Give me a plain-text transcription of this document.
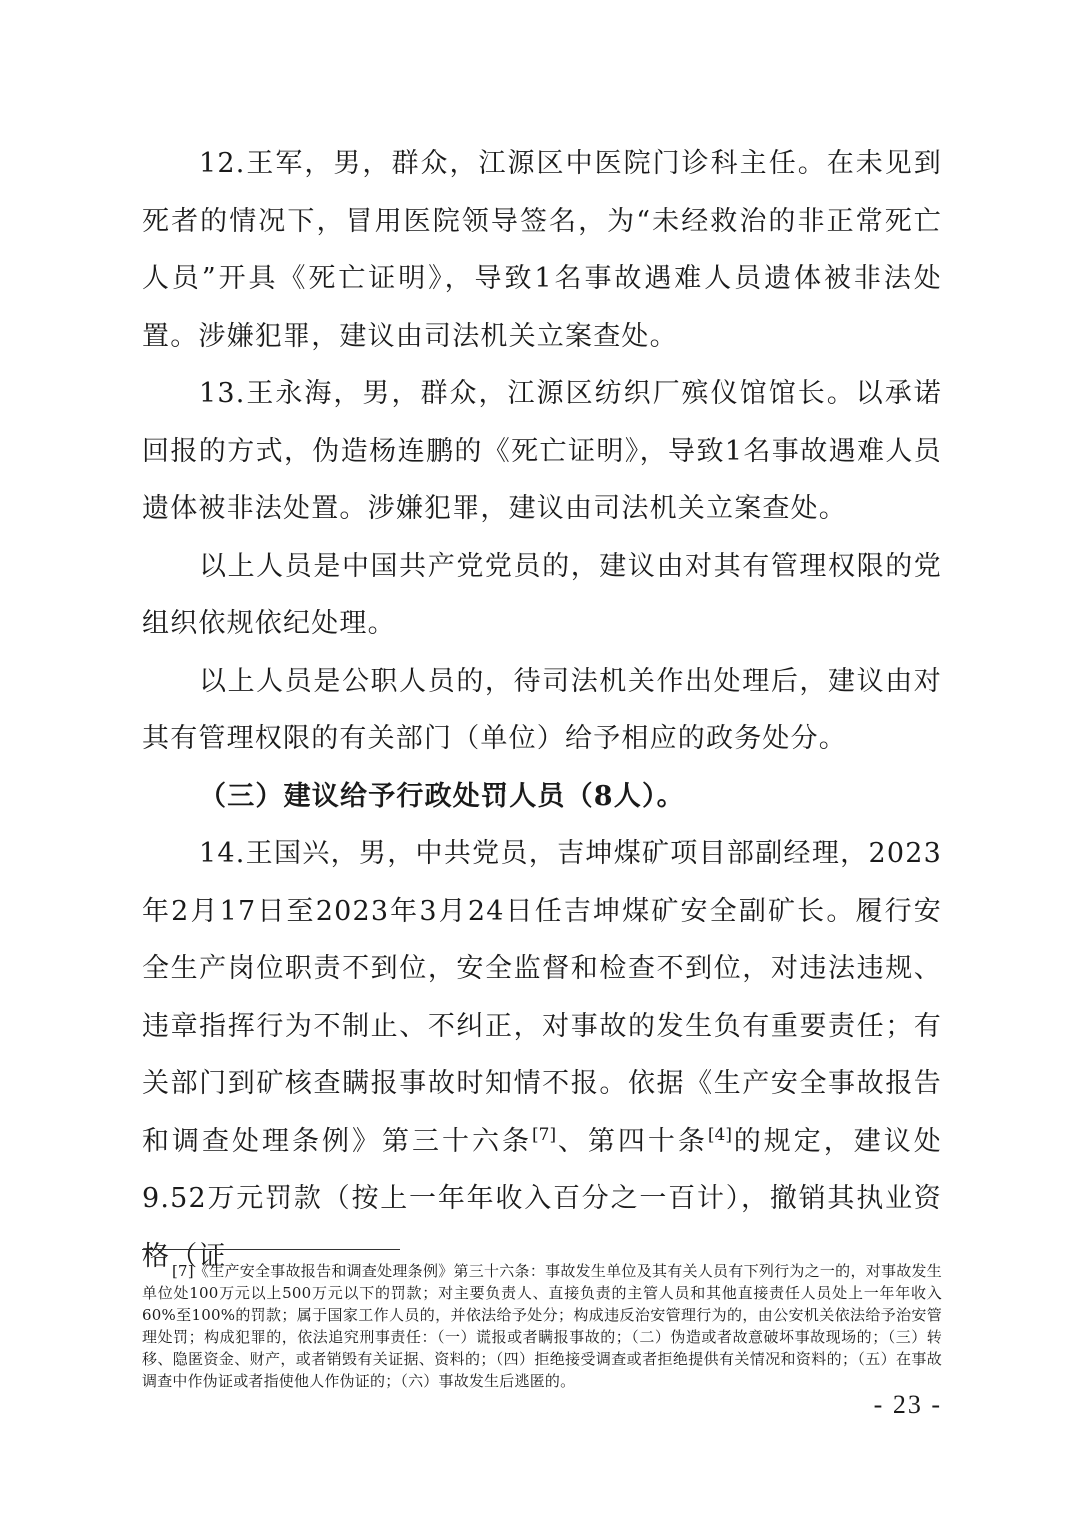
12.王军，男，群众，江源区中医院门诊科主任。在未见到死者的情况下，冒用医院领导签名，为“未经救治的非正常死亡人员”开具《死亡证明》，导致1名事故遇难人员遗体被非法处置。涉嫌犯罪，建议由司法机关立案查处。

13.王永海，男，群众，江源区纺织厂殡仪馆馆长。以承诺回报的方式，伪造杨连鹏的《死亡证明》，导致1名事故遇难人员遗体被非法处置。涉嫌犯罪，建议由司法机关立案查处。

以上人员是中国共产党党员的，建议由对其有管理权限的党组织依规依纪处理。

以上人员是公职人员的，待司法机关作出处理后，建议由对其有管理权限的有关部门（单位）给予相应的政务处分。

（三）建议给予行政处罚人员（8人）。

14.王国兴，男，中共党员，吉坤煤矿项目部副经理，2023年2月17日至2023年3月24日任吉坤煤矿安全副矿长。履行安全生产岗位职责不到位，安全监督和检查不到位，对违法违规、违章指挥行为不制止、不纠正，对事故的发生负有重要责任；有关部门到矿核查瞒报事故时知情不报。依据《生产安全事故报告和调查处理条例》第三十六条[7]、第四十条[4]的规定，建议处9.52万元罚款（按上一年年收入百分之一百计），撤销其执业资格（证

[7]《生产安全事故报告和调查处理条例》第三十六条：事故发生单位及其有关人员有下列行为之一的，对事故发生单位处100万元以上500万元以下的罚款；对主要负责人、直接负责的主管人员和其他直接责任人员处上一年年收入60%至100%的罚款；属于国家工作人员的，并依法给予处分；构成违反治安管理行为的，由公安机关依法给予治安管理处罚；构成犯罪的，依法追究刑事责任：（一）谎报或者瞒报事故的；（二）伪造或者故意破坏事故现场的；（三）转移、隐匿资金、财产，或者销毁有关证据、资料的；（四）拒绝接受调查或者拒绝提供有关情况和资料的；（五）在事故调查中作伪证或者指使他人作伪证的；（六）事故发生后逃匿的。

- 23 -
